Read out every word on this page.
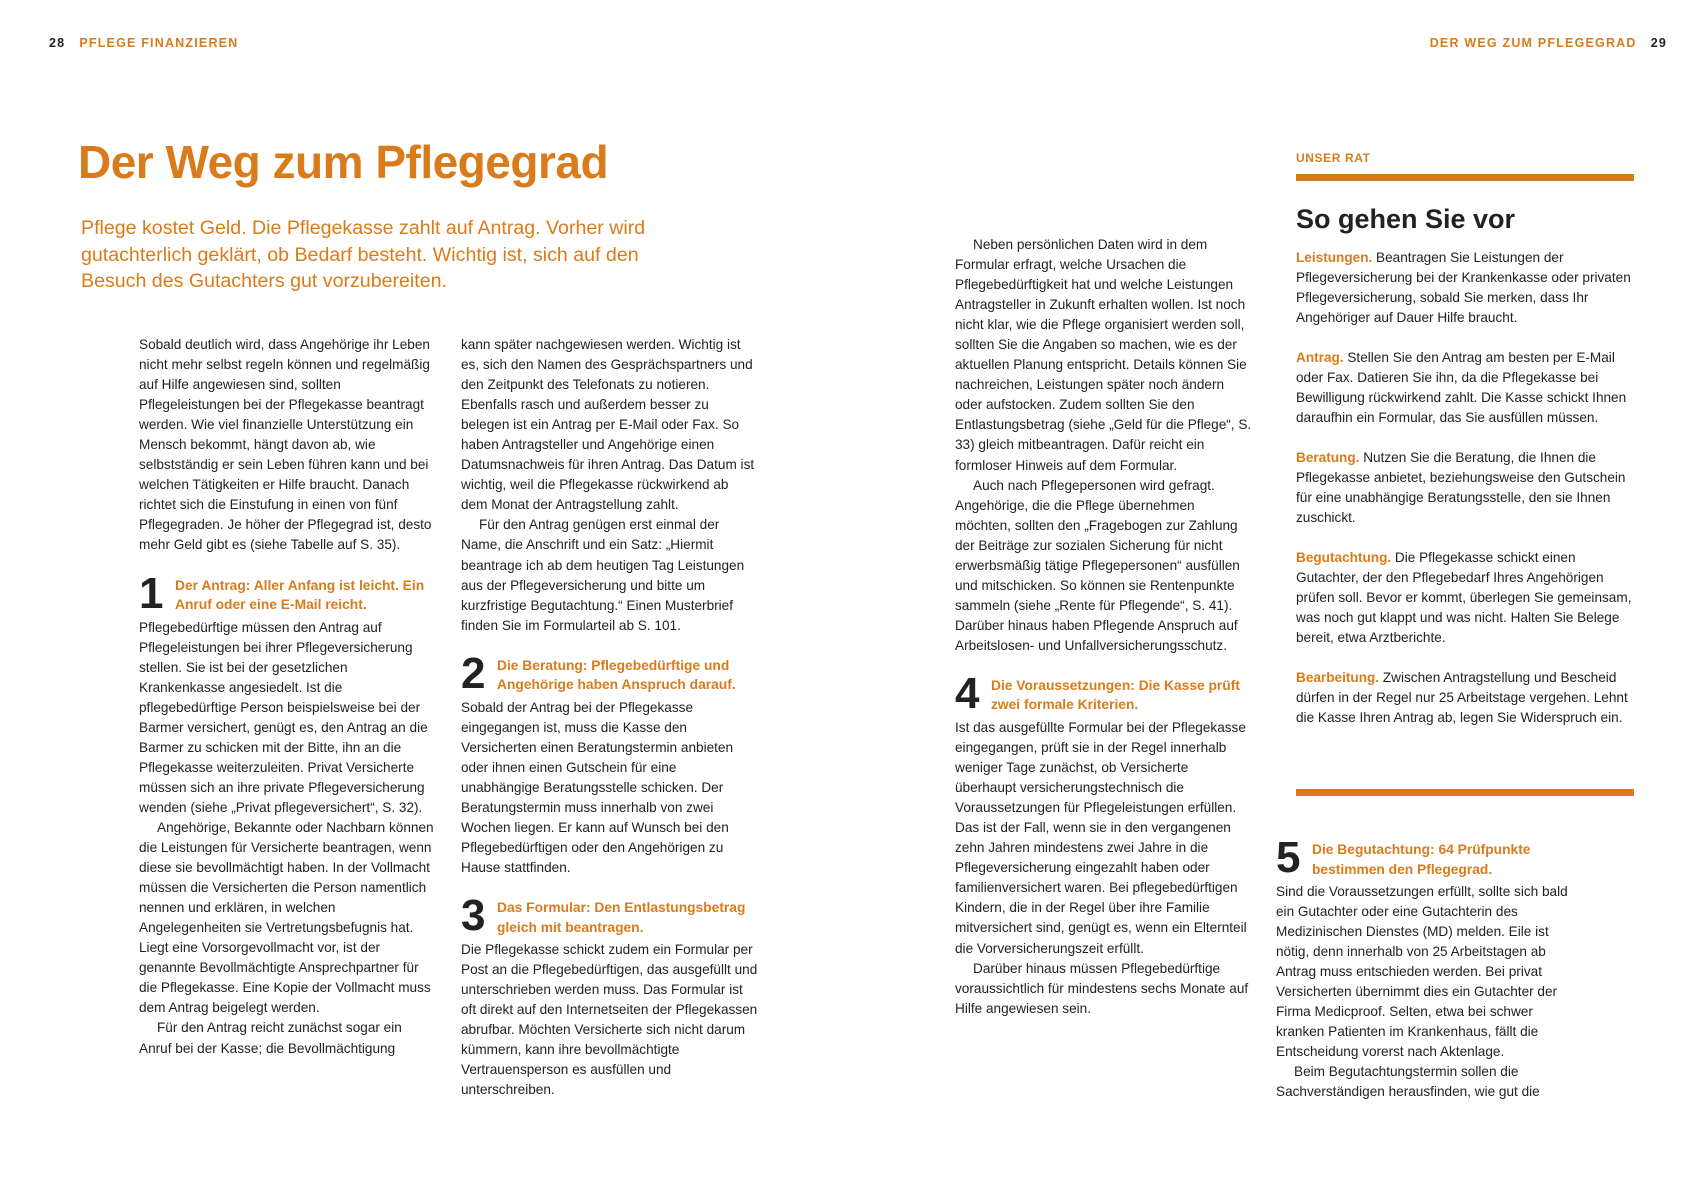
28 PFLEGE FINANZIEREN	DER WEG ZUM PFLEGEGRAD 29
Der Weg zum Pflegegrad

Pflege kostet Geld. Die Pflegekasse zahlt auf Antrag. Vorher wird gutachterlich geklärt, ob Bedarf besteht. Wichtig ist, sich auf den Besuch des Gutachters gut vorzubereiten.

Sobald deutlich wird, dass Angehörige ihr Leben nicht mehr selbst regeln können und regelmäßig auf Hilfe angewiesen sind, sollten Pflegeleistungen bei der Pflegekasse beantragt werden. Wie viel finanzielle Unterstützung ein Mensch bekommt, hängt davon ab, wie selbstständig er sein Leben führen kann und bei welchen Tätigkeiten er Hilfe braucht. Danach richtet sich die Einstufung in einen von fünf Pflegegraden. Je höher der Pflegegrad ist, desto mehr Geld gibt es (siehe Tabelle auf S. 35).

1 Der Antrag: Aller Anfang ist leicht. Ein Anruf oder eine E-Mail reicht.

Pflegebedürftige müssen den Antrag auf Pflegeleistungen bei ihrer Pflegeversicherung stellen. Sie ist bei der gesetzlichen Krankenkasse angesiedelt. Ist die pflegebedürftige Person beispielsweise bei der Barmer versichert, genügt es, den Antrag an die Barmer zu schicken mit der Bitte, ihn an die Pflegekasse weiterzuleiten. Privat Versicherte müssen sich an ihre private Pflegeversicherung wenden (siehe „Privat pflegeversichert“, S. 32).

Angehörige, Bekannte oder Nachbarn können die Leistungen für Versicherte beantragen, wenn diese sie bevollmächtigt haben. In der Vollmacht müssen die Versicherten die Person namentlich nennen und erklären, in welchen Angelegenheiten sie Vertretungsbefugnis hat. Liegt eine Vorsorgevollmacht vor, ist der genannte Bevollmächtigte Ansprechpartner für die Pflegekasse. Eine Kopie der Vollmacht muss dem Antrag beigelegt werden.

Für den Antrag reicht zunächst sogar ein Anruf bei der Kasse; die Bevollmächtigung

kann später nachgewiesen werden. Wichtig ist es, sich den Namen des Gesprächspartners und den Zeitpunkt des Telefonats zu notieren. Ebenfalls rasch und außerdem besser zu belegen ist ein Antrag per E-Mail oder Fax. So haben Antragsteller und Angehörige einen Datumsnachweis für ihren Antrag. Das Datum ist wichtig, weil die Pflegekasse rückwirkend ab dem Monat der Antragstellung zahlt.

Für den Antrag genügen erst einmal der Name, die Anschrift und ein Satz: „Hiermit beantrage ich ab dem heutigen Tag Leistungen aus der Pflegeversicherung und bitte um kurzfristige Begutachtung.“ Einen Musterbrief finden Sie im Formularteil ab S. 101.

2 Die Beratung: Pflegebedürftige und Angehörige haben Anspruch darauf.

Sobald der Antrag bei der Pflegekasse eingegangen ist, muss die Kasse den Versicherten einen Beratungstermin anbieten oder ihnen einen Gutschein für eine unabhängige Beratungsstelle schicken. Der Beratungstermin muss innerhalb von zwei Wochen liegen. Er kann auf Wunsch bei den Pflegebedürftigen oder den Angehörigen zu Hause stattfinden.

3 Das Formular: Den Entlastungsbetrag gleich mit beantragen.

Die Pflegekasse schickt zudem ein Formular per Post an die Pflegebedürftigen, das ausgefüllt und unterschrieben werden muss. Das Formular ist oft direkt auf den Internetseiten der Pflegekassen abrufbar. Möchten Versicherte sich nicht darum kümmern, kann ihre bevollmächtigte Vertrauensperson es ausfüllen und unterschreiben.

Neben persönlichen Daten wird in dem Formular erfragt, welche Ursachen die Pflegebedürftigkeit hat und welche Leistungen Antragsteller in Zukunft erhalten wollen. Ist noch nicht klar, wie die Pflege organisiert werden soll, sollten Sie die Angaben so machen, wie es der aktuellen Planung entspricht. Details können Sie nachreichen, Leistungen später noch ändern oder aufstocken. Zudem sollten Sie den Entlastungsbetrag (siehe „Geld für die Pflege“, S. 33) gleich mitbeantragen. Dafür reicht ein formloser Hinweis auf dem Formular.

Auch nach Pflegepersonen wird gefragt. Angehörige, die die Pflege übernehmen möchten, sollten den „Fragebogen zur Zahlung der Beiträge zur sozialen Sicherung für nicht erwerbsmäßig tätige Pflegepersonen“ ausfüllen und mitschicken. So können sie Rentenpunkte sammeln (siehe „Rente für Pflegende“, S. 41). Darüber hinaus haben Pflegende Anspruch auf Arbeitslosen- und Unfallversicherungsschutz.

4 Die Voraussetzungen: Die Kasse prüft zwei formale Kriterien.

Ist das ausgefüllte Formular bei der Pflegekasse eingegangen, prüft sie in der Regel innerhalb weniger Tage zunächst, ob Versicherte überhaupt versicherungstechnisch die Voraussetzungen für Pflegeleistungen erfüllen. Das ist der Fall, wenn sie in den vergangenen zehn Jahren mindestens zwei Jahre in die Pflegeversicherung eingezahlt haben oder familienversichert waren. Bei pflegebedürftigen Kindern, die in der Regel über ihre Familie mitversichert sind, genügt es, wenn ein Elternteil die Vorversicherungszeit erfüllt.

Darüber hinaus müssen Pflegebedürftige voraussichtlich für mindestens sechs Monate auf Hilfe angewiesen sein.

UNSER RAT
So gehen Sie vor

Leistungen. Beantragen Sie Leistungen der Pflegeversicherung bei der Krankenkasse oder privaten Pflegeversicherung, sobald Sie merken, dass Ihr Angehöriger auf Dauer Hilfe braucht.

Antrag. Stellen Sie den Antrag am besten per E-Mail oder Fax. Datieren Sie ihn, da die Pflegekasse bei Bewilligung rückwirkend zahlt. Die Kasse schickt Ihnen daraufhin ein Formular, das Sie ausfüllen müssen.

Beratung. Nutzen Sie die Beratung, die Ihnen die Pflegekasse anbietet, beziehungsweise den Gutschein für eine unabhängige Beratungsstelle, den sie Ihnen zuschickt.

Begutachtung. Die Pflegekasse schickt einen Gutachter, der den Pflegebedarf Ihres Angehörigen prüfen soll. Bevor er kommt, überlegen Sie gemeinsam, was noch gut klappt und was nicht. Halten Sie Belege bereit, etwa Arztberichte.

Bearbeitung. Zwischen Antragstellung und Bescheid dürfen in der Regel nur 25 Arbeitstage vergehen. Lehnt die Kasse Ihren Antrag ab, legen Sie Widerspruch ein.

5 Die Begutachtung: 64 Prüfpunkte bestimmen den Pflegegrad.

Sind die Voraussetzungen erfüllt, sollte sich bald ein Gutachter oder eine Gutachterin des Medizinischen Dienstes (MD) melden. Eile ist nötig, denn innerhalb von 25 Arbeitstagen ab Antrag muss entschieden werden. Bei privat Versicherten übernimmt dies ein Gutachter der Firma Medicproof. Selten, etwa bei schwer kranken Patienten im Krankenhaus, fällt die Entscheidung vorerst nach Aktenlage.

Beim Begutachtungstermin sollen die Sachverständigen herausfinden, wie gut die
